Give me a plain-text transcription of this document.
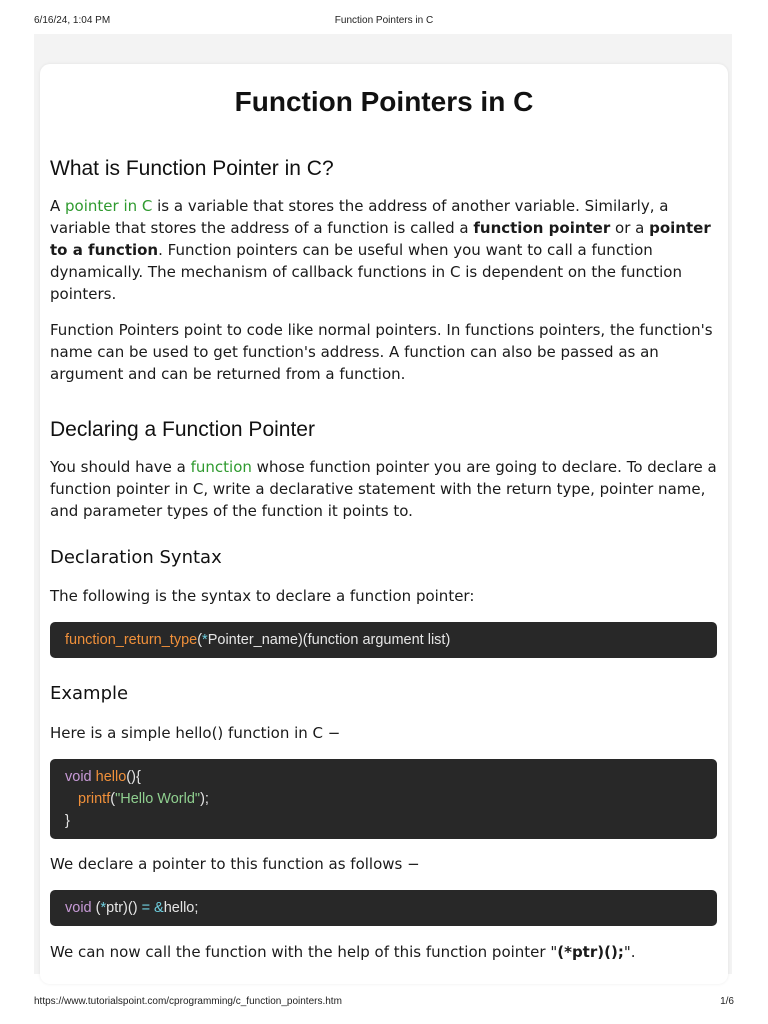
6/16/24, 1:04 PM	Function Pointers in C
Function Pointers in C
What is Function Pointer in C?

A pointer in C is a variable that stores the address of another variable. Similarly, a variable that stores the address of a function is called a function pointer or a pointer to a function. Function pointers can be useful when you want to call a function dynamically. The mechanism of callback functions in C is dependent on the function pointers.

Function Pointers point to code like normal pointers. In functions pointers, the function's name can be used to get function's address. A function can also be passed as an argument and can be returned from a function.

Declaring a Function Pointer

You should have a function whose function pointer you are going to declare. To declare a function pointer in C, write a declarative statement with the return type, pointer name, and parameter types of the function it points to.

Declaration Syntax

The following is the syntax to declare a function pointer:

function_return_type(*Pointer_name)(function argument list)
Example

Here is a simple hello() function in C −

void hello(){
printf("Hello World");
}

We declare a pointer to this function as follows −

void (*ptr)() = &hello;

We can now call the function with the help of this function pointer "(*ptr)();".

https://www.tutorialspoint.com/cprogramming/c_function_pointers.htm	1/6
